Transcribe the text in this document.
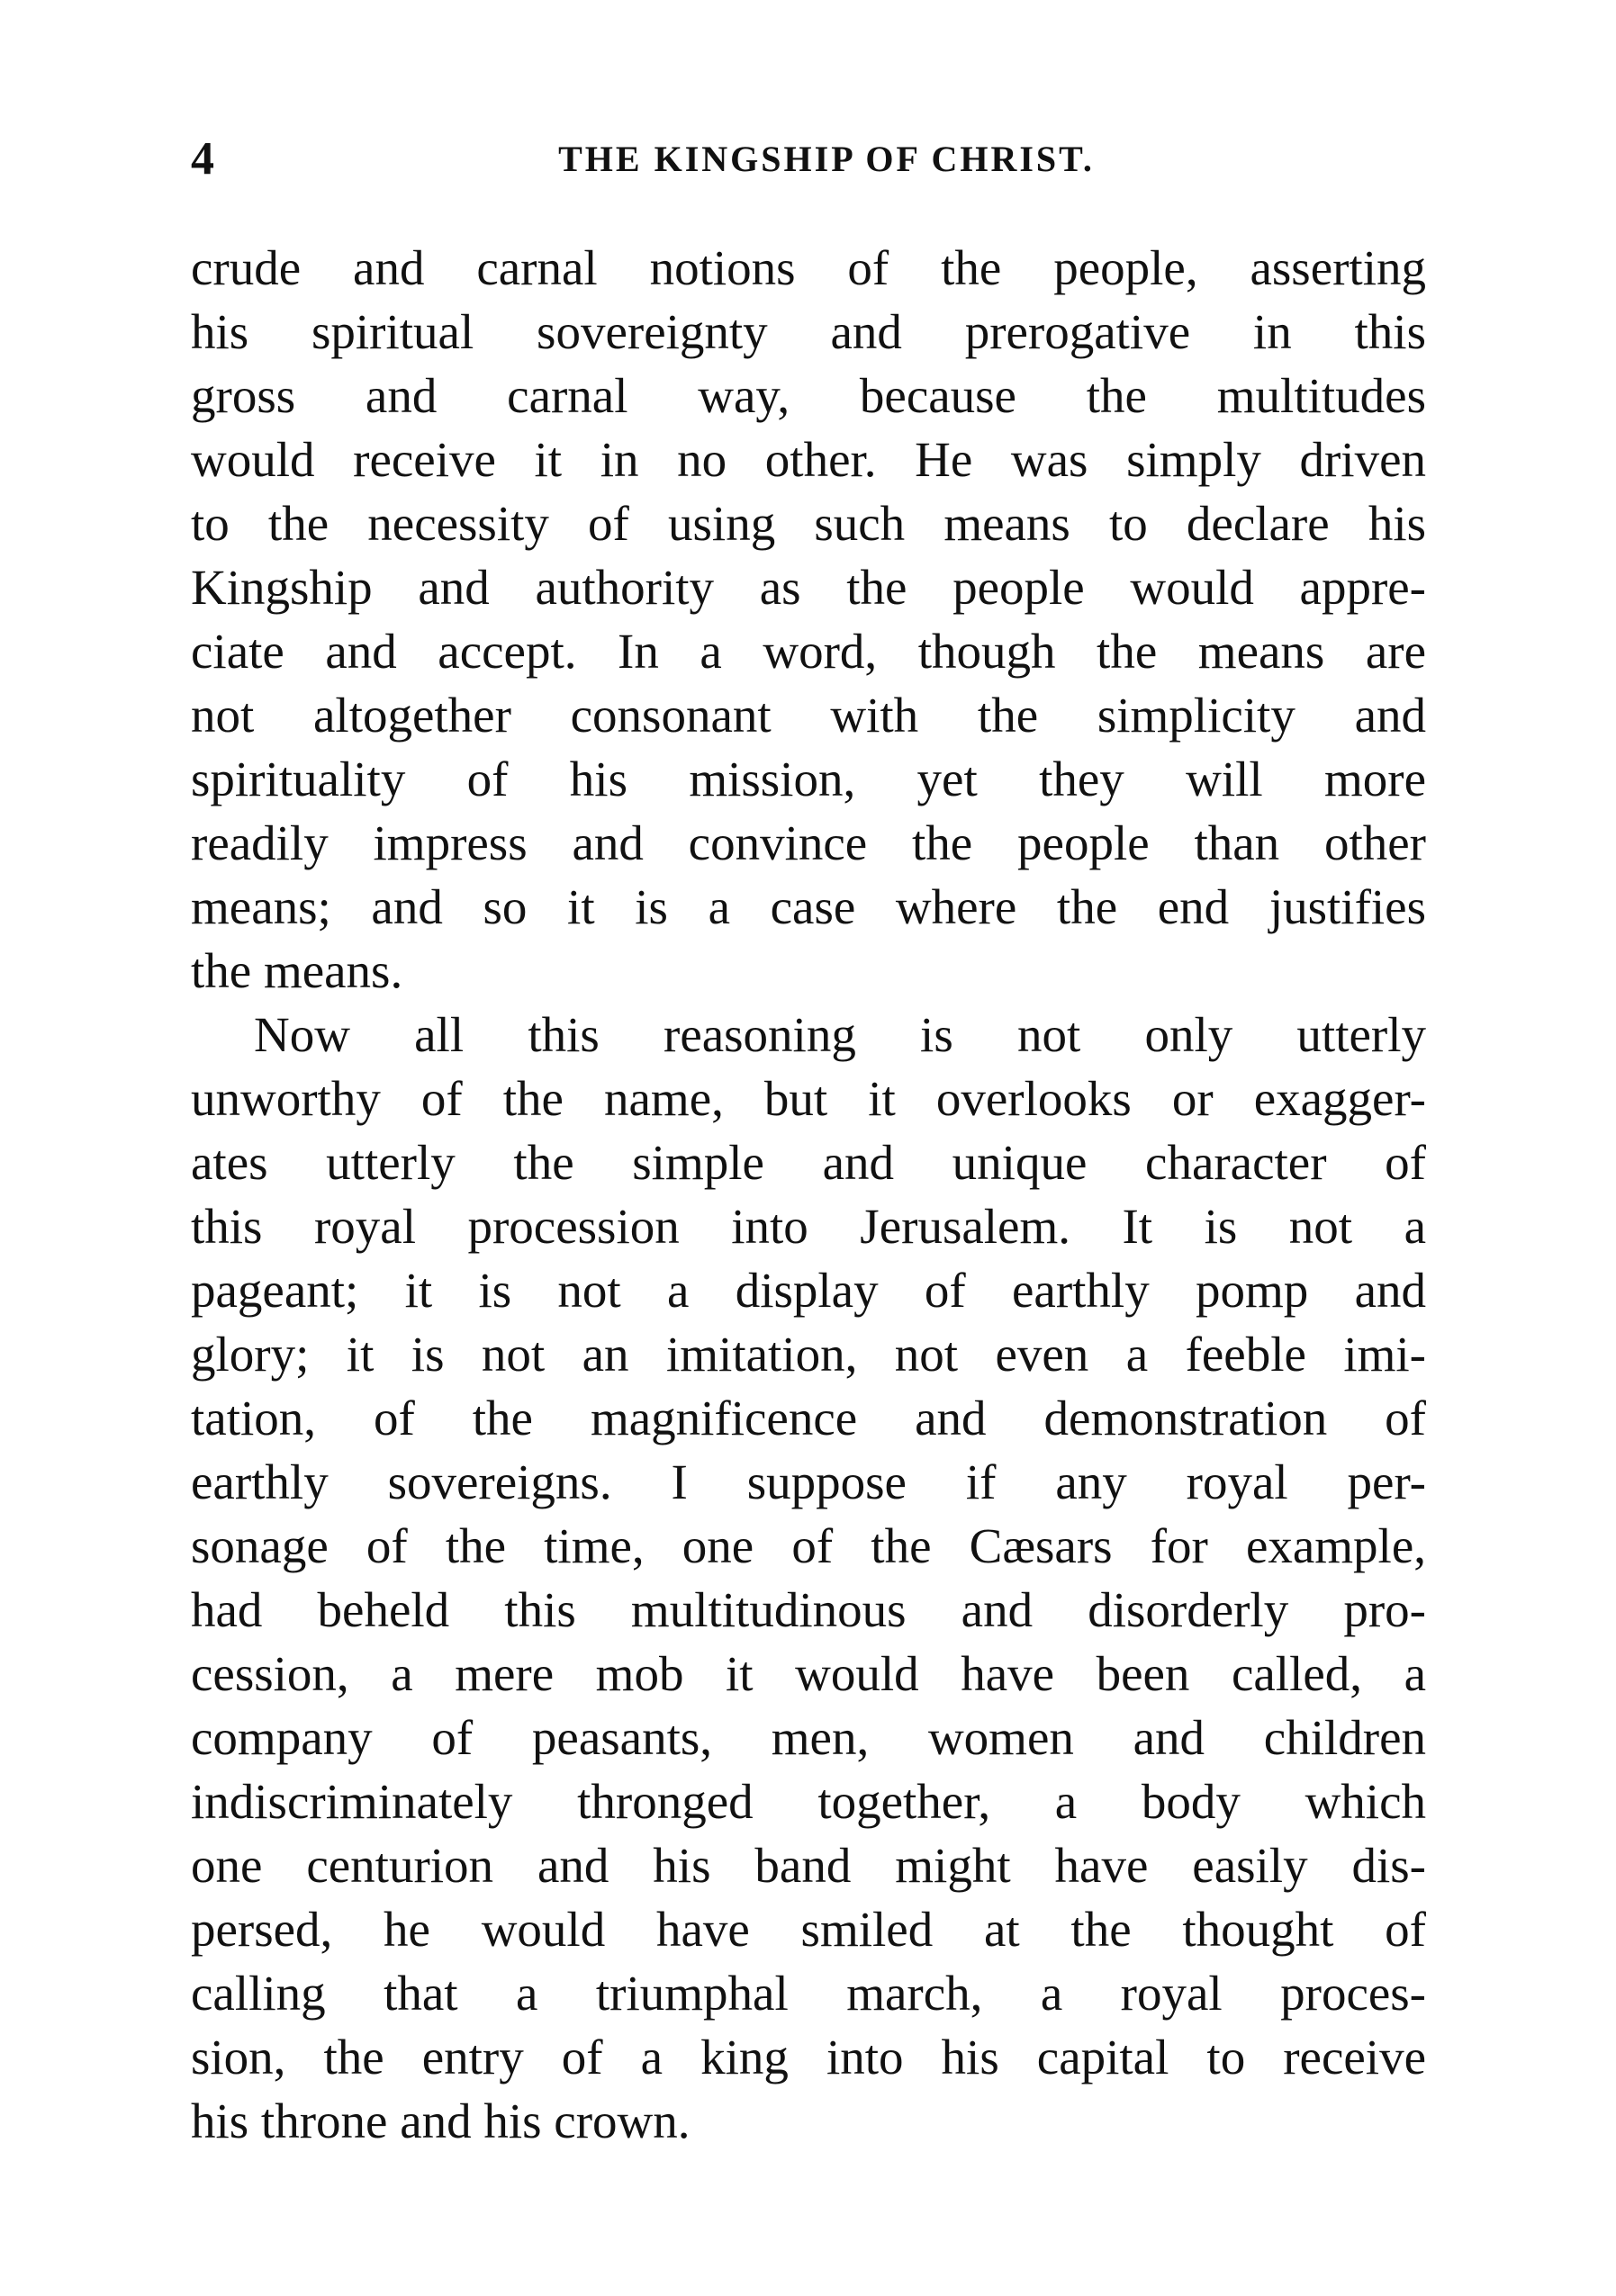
4	THE KINGSHIP OF CHRIST.
crude and carnal notions of the people, asserting
his spiritual sovereignty and prerogative in this
gross and carnal way, because the multitudes
would receive it in no other. He was simply driven
to the necessity of using such means to declare his
Kingship and authority as the people would appre-
ciate and accept. In a word, though the means are
not altogether consonant with the simplicity and
spirituality of his mission, yet they will more
readily impress and convince the people than other
means; and so it is a case where the end justifies
the means.
Now all this reasoning is not only utterly
unworthy of the name, but it overlooks or exagger-
ates utterly the simple and unique character of
this royal procession into Jerusalem. It is not a
pageant; it is not a display of earthly pomp and
glory; it is not an imitation, not even a feeble imi-
tation, of the magnificence and demonstration of
earthly sovereigns. I suppose if any royal per-
sonage of the time, one of the Cæsars for example,
had beheld this multitudinous and disorderly pro-
cession, a mere mob it would have been called, a
company of peasants, men, women and children
indiscriminately thronged together, a body which
one centurion and his band might have easily dis-
persed, he would have smiled at the thought of
calling that a triumphal march, a royal proces-
sion, the entry of a king into his capital to receive
his throne and his crown.
